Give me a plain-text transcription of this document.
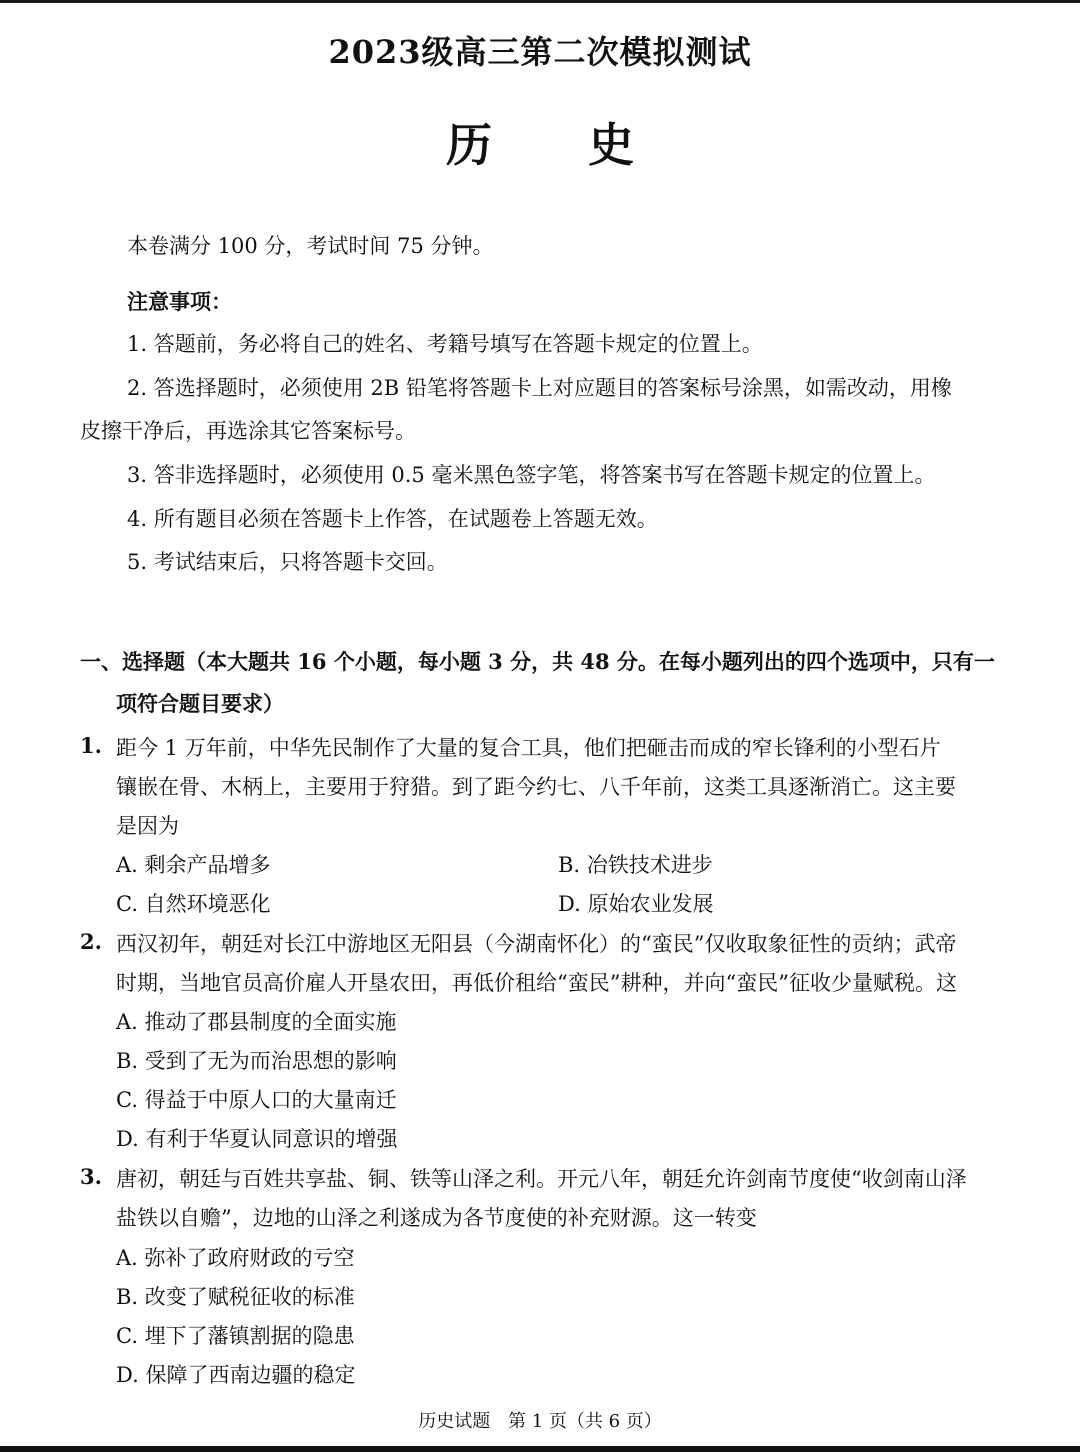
2023级高三第二次模拟测试
历 史
本卷满分 100 分，考试时间 75 分钟。
注意事项：
1. 答题前，务必将自己的姓名、考籍号填写在答题卡规定的位置上。
2. 答选择题时，必须使用 2B 铅笔将答题卡上对应题目的答案标号涂黑，如需改动，用橡
皮擦干净后，再选涂其它答案标号。
3. 答非选择题时，必须使用 0.5 毫米黑色签字笔，将答案书写在答题卡规定的位置上。
4. 所有题目必须在答题卡上作答，在试题卷上答题无效。
5. 考试结束后，只将答题卡交回。
一、选择题（本大题共 16 个小题，每小题 3 分，共 48 分。在每小题列出的四个选项中，只有一
项符合题目要求）
1. 距今 1 万年前，中华先民制作了大量的复合工具，他们把砸击而成的窄长锋利的小型石片
镶嵌在骨、木柄上，主要用于狩猎。到了距今约七、八千年前，这类工具逐渐消亡。这主要
是因为
A. 剩余产品增多	B. 冶铁技术进步
C. 自然环境恶化	D. 原始农业发展
2. 西汉初年，朝廷对长江中游地区无阳县（今湖南怀化）的“蛮民”仅收取象征性的贡纳；武帝
时期，当地官员高价雇人开垦农田，再低价租给“蛮民”耕种，并向“蛮民”征收少量赋税。这
A. 推动了郡县制度的全面实施
B. 受到了无为而治思想的影响
C. 得益于中原人口的大量南迁
D. 有利于华夏认同意识的增强
3. 唐初，朝廷与百姓共享盐、铜、铁等山泽之利。开元八年，朝廷允许剑南节度使“收剑南山泽
盐铁以自赡”，边地的山泽之利遂成为各节度使的补充财源。这一转变
A. 弥补了政府财政的亏空
B. 改变了赋税征收的标准
C. 埋下了藩镇割据的隐患
D. 保障了西南边疆的稳定
历史试题 第 1 页（共 6 页）
